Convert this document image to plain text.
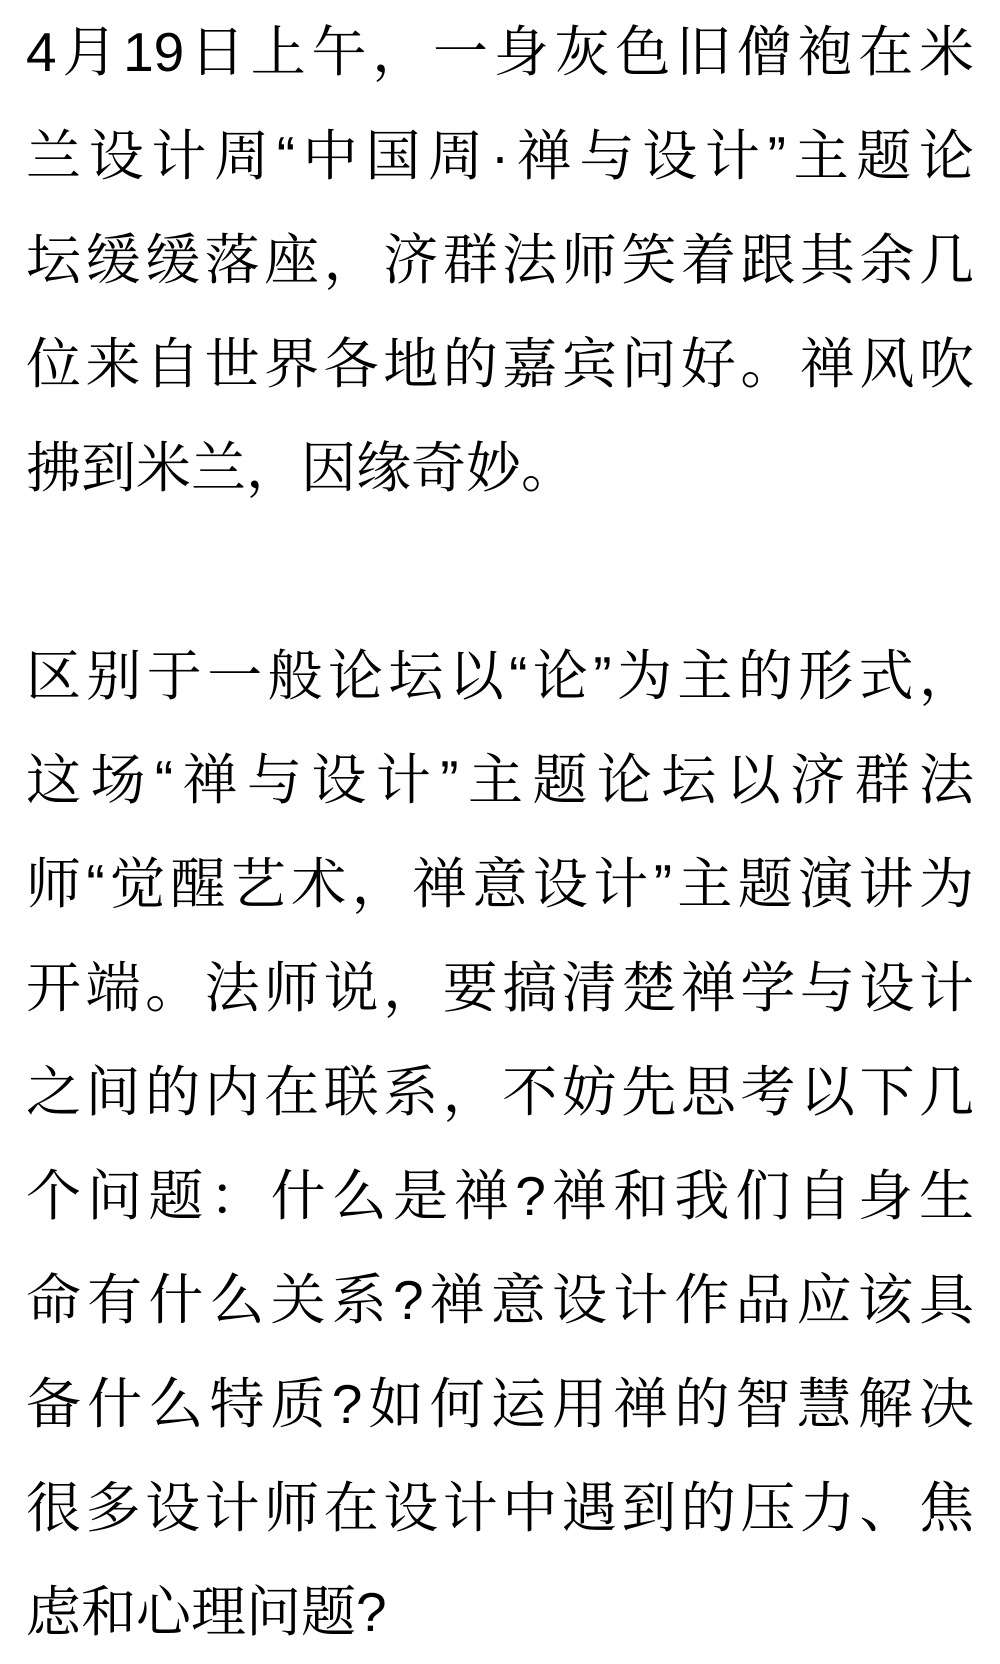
4月19日上午，一身灰色旧僧袍在米
兰设计周“中国周·禅与设计”主题论
坛缓缓落座，济群法师笑着跟其余几
位来自世界各地的嘉宾问好。禅风吹
拂到米兰，因缘奇妙。

区别于一般论坛以“论”为主的形式，
这场“禅与设计”主题论坛以济群法
师“觉醒艺术，禅意设计”主题演讲为
开端。法师说，要搞清楚禅学与设计
之间的内在联系，不妨先思考以下几
个问题：什么是禅?禅和我们自身生
命有什么关系?禅意设计作品应该具
备什么特质?如何运用禅的智慧解决
很多设计师在设计中遇到的压力、焦
虑和心理问题?
